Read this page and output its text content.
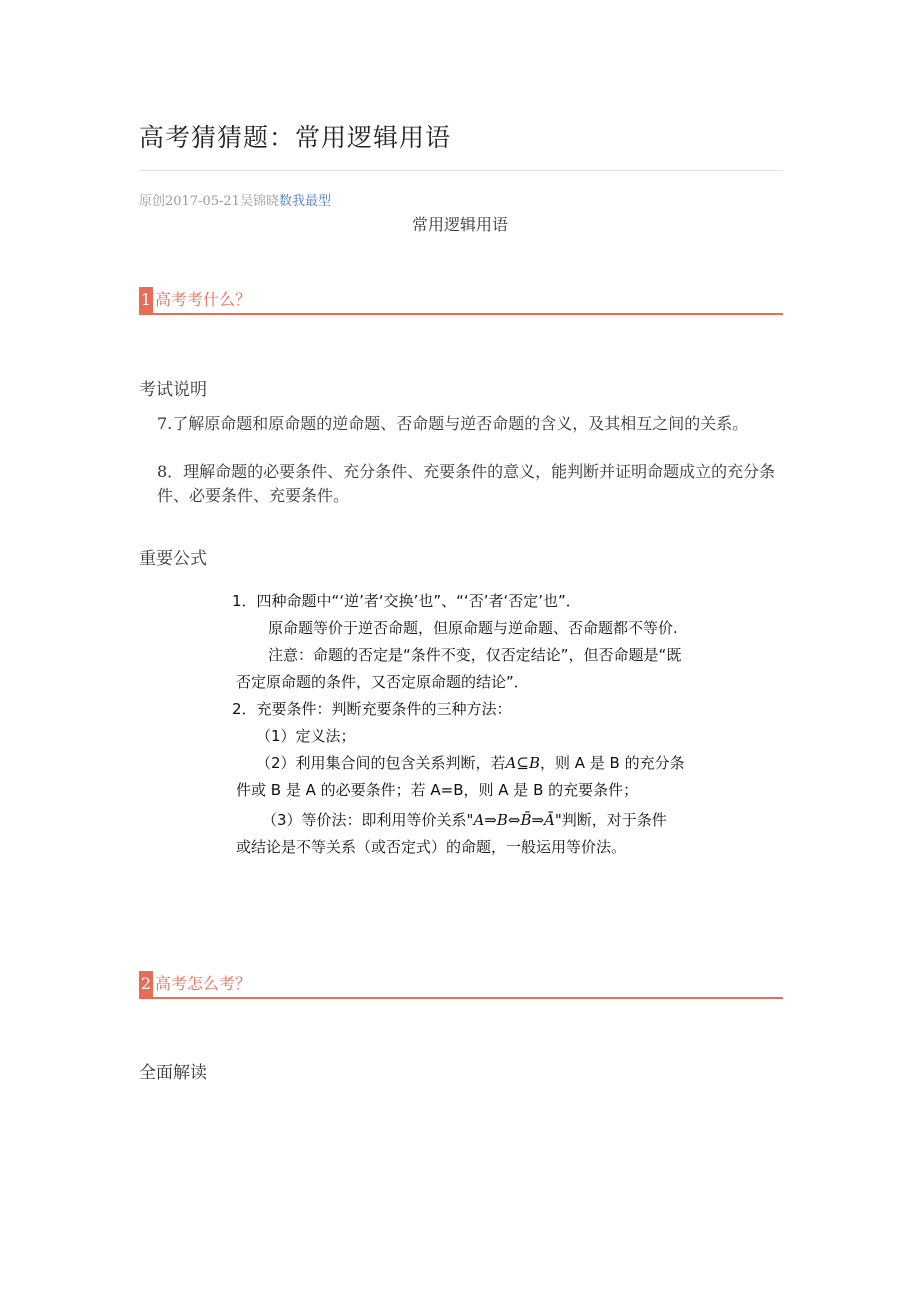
高考猜猜题：常用逻辑用语
原创2017-05-21吴锦晓数我最型
常用逻辑用语
1 高考考什么？
考试说明

7.了解原命题和原命题的逆命题、否命题与逆否命题的含义，及其相互之间的关系。

8．理解命题的必要条件、充分条件、充要条件的意义，能判断并证明命题成立的充分条件、必要条件、充要条件。

重要公式
1．四种命题中“‘逆’者‘交换’也”、“‘否’者‘否定’也”．
原命题等价于逆否命题，但原命题与逆命题、否命题都不等价.
注意：命题的否定是“条件不变，仅否定结论”，但否命题是“既
否定原命题的条件，又否定原命题的结论”．
2．充要条件：判断充要条件的三种方法：
（1）定义法；
（2）利用集合间的包含关系判断，若A⊆B，则 A 是 B 的充分条
件或 B 是 A 的必要条件；若 A=B，则 A 是 B 的充要条件；
（3）等价法：即利用等价关系"A⇒B⇔B̄⇒Ā"判断，对于条件
或结论是不等关系（或否定式）的命题，一般运用等价法。
2 高考怎么考？
全面解读
